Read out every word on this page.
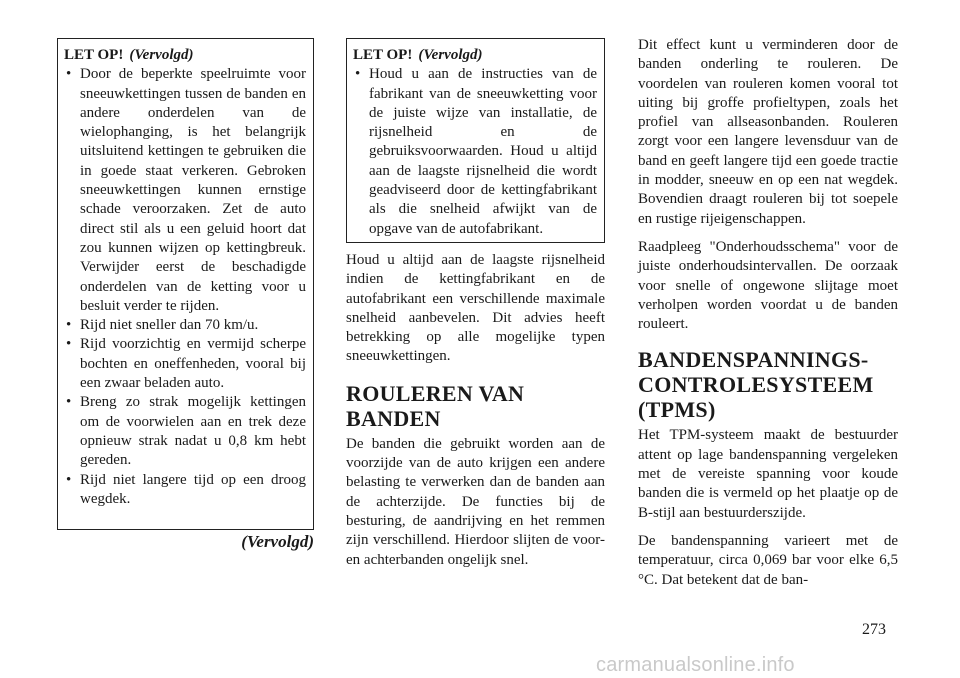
LET OP! (Vervolgd)
• Door de beperkte speelruimte voor sneeuwkettingen tussen de banden en andere onderdelen van de wielophanging, is het belangrijk uitsluitend kettingen te gebruiken die in goede staat verkeren. Gebroken sneeuwkettingen kunnen ernstige schade veroorzaken. Zet de auto direct stil als u een geluid hoort dat zou kunnen wijzen op kettingbreuk. Verwijder eerst de beschadigde onderdelen van de ketting voor u besluit verder te rijden.
• Rijd niet sneller dan 70 km/u.
• Rijd voorzichtig en vermijd scherpe bochten en oneffenheden, vooral bij een zwaar beladen auto.
• Breng zo strak mogelijk kettingen om de voorwielen aan en trek deze opnieuw strak nadat u 0,8 km hebt gereden.
• Rijd niet langere tijd op een droog wegdek.
(Vervolgd)
LET OP! (Vervolgd)
• Houd u aan de instructies van de fabrikant van de sneeuwketting voor de juiste wijze van installatie, de rijsnelheid en de gebruiksvoorwaarden. Houd u altijd aan de laagste rijsnelheid die wordt geadviseerd door de kettingfabrikant als die snelheid afwijkt van de opgave van de autofabrikant.

Houd u altijd aan de laagste rijsnelheid indien de kettingfabrikant en de autofabrikant een verschillende maximale snelheid aanbevelen. Dit advies heeft betrekking op alle mogelijke typen sneeuwkettingen.

ROULEREN VAN BANDEN

De banden die gebruikt worden aan de voorzijde van de auto krijgen een andere belasting te verwerken dan de banden aan de achterzijde. De functies bij de besturing, de aandrijving en het remmen zijn verschillend. Hierdoor slijten de voor- en achterbanden ongelijk snel.

Dit effect kunt u verminderen door de banden onderling te rouleren. De voordelen van rouleren komen vooral tot uiting bij groffe profieltypen, zoals het profiel van allseasonbanden. Rouleren zorgt voor een langere levensduur van de band en geeft langere tijd een goede tractie in modder, sneeuw en op een nat wegdek. Bovendien draagt rouleren bij tot soepele en rustige rijeigenschappen.

Raadpleeg "Onderhoudsschema" voor de juiste onderhoudsintervallen. De oorzaak voor snelle of ongewone slijtage moet verholpen worden voordat u de banden rouleert.

BANDENSPANNINGS-CONTROLESYSTEEM (TPMS)

Het TPM-systeem maakt de bestuurder attent op lage bandenspanning vergeleken met de vereiste spanning voor koude banden die is vermeld op het plaatje op de B-stijl aan bestuurderszijde.

De bandenspanning varieert met de temperatuur, circa 0,069 bar voor elke 6,5 °C. Dat betekent dat de ban-

273
carmanualsonline.info
